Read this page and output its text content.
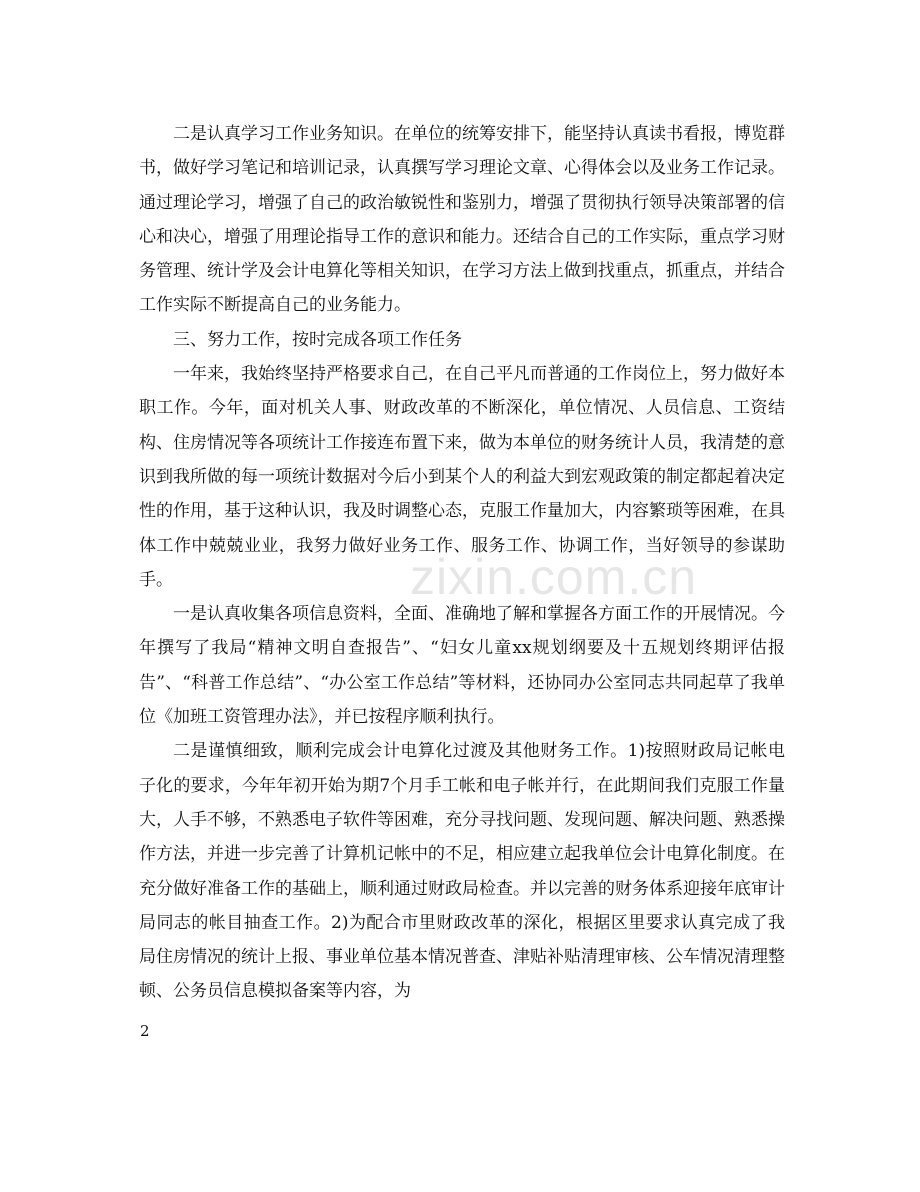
二是认真学习工作业务知识。在单位的统筹安排下，能坚持认真读书看报，博览群书，做好学习笔记和培训记录，认真撰写学习理论文章、心得体会以及业务工作记录。通过理论学习，增强了自己的政治敏锐性和鉴别力，增强了贯彻执行领导决策部署的信心和决心，增强了用理论指导工作的意识和能力。还结合自己的工作实际，重点学习财务管理、统计学及会计电算化等相关知识，在学习方法上做到找重点，抓重点，并结合工作实际不断提高自己的业务能力。

三、努力工作，按时完成各项工作任务

一年来，我始终坚持严格要求自己，在自己平凡而普通的工作岗位上，努力做好本职工作。今年，面对机关人事、财政改革的不断深化，单位情况、人员信息、工资结构、住房情况等各项统计工作接连布置下来，做为本单位的财务统计人员，我清楚的意识到我所做的每一项统计数据对今后小到某个人的利益大到宏观政策的制定都起着决定性的作用，基于这种认识，我及时调整心态，克服工作量加大，内容繁琐等困难，在具体工作中兢兢业业，我努力做好业务工作、服务工作、协调工作，当好领导的参谋助手。

一是认真收集各项信息资料，全面、准确地了解和掌握各方面工作的开展情况。今年撰写了我局“精神文明自查报告”、“妇女儿童xx规划纲要及十五规划终期评估报告”、“科普工作总结”、“办公室工作总结”等材料，还协同办公室同志共同起草了我单位《加班工资管理办法》，并已按程序顺利执行。

二是谨慎细致，顺利完成会计电算化过渡及其他财务工作。1)按照财政局记帐电子化的要求，今年年初开始为期7个月手工帐和电子帐并行，在此期间我们克服工作量大，人手不够，不熟悉电子软件等困难，充分寻找问题、发现问题、解决问题、熟悉操作方法，并进一步完善了计算机记帐中的不足，相应建立起我单位会计电算化制度。在充分做好准备工作的基础上，顺利通过财政局检查。并以完善的财务体系迎接年底审计局同志的帐目抽查工作。2)为配合市里财政改革的深化，根据区里要求认真完成了我局住房情况的统计上报、事业单位基本情况普查、津贴补贴清理审核、公车情况清理整顿、公务员信息模拟备案等内容，为

zixin.com.cn
2
